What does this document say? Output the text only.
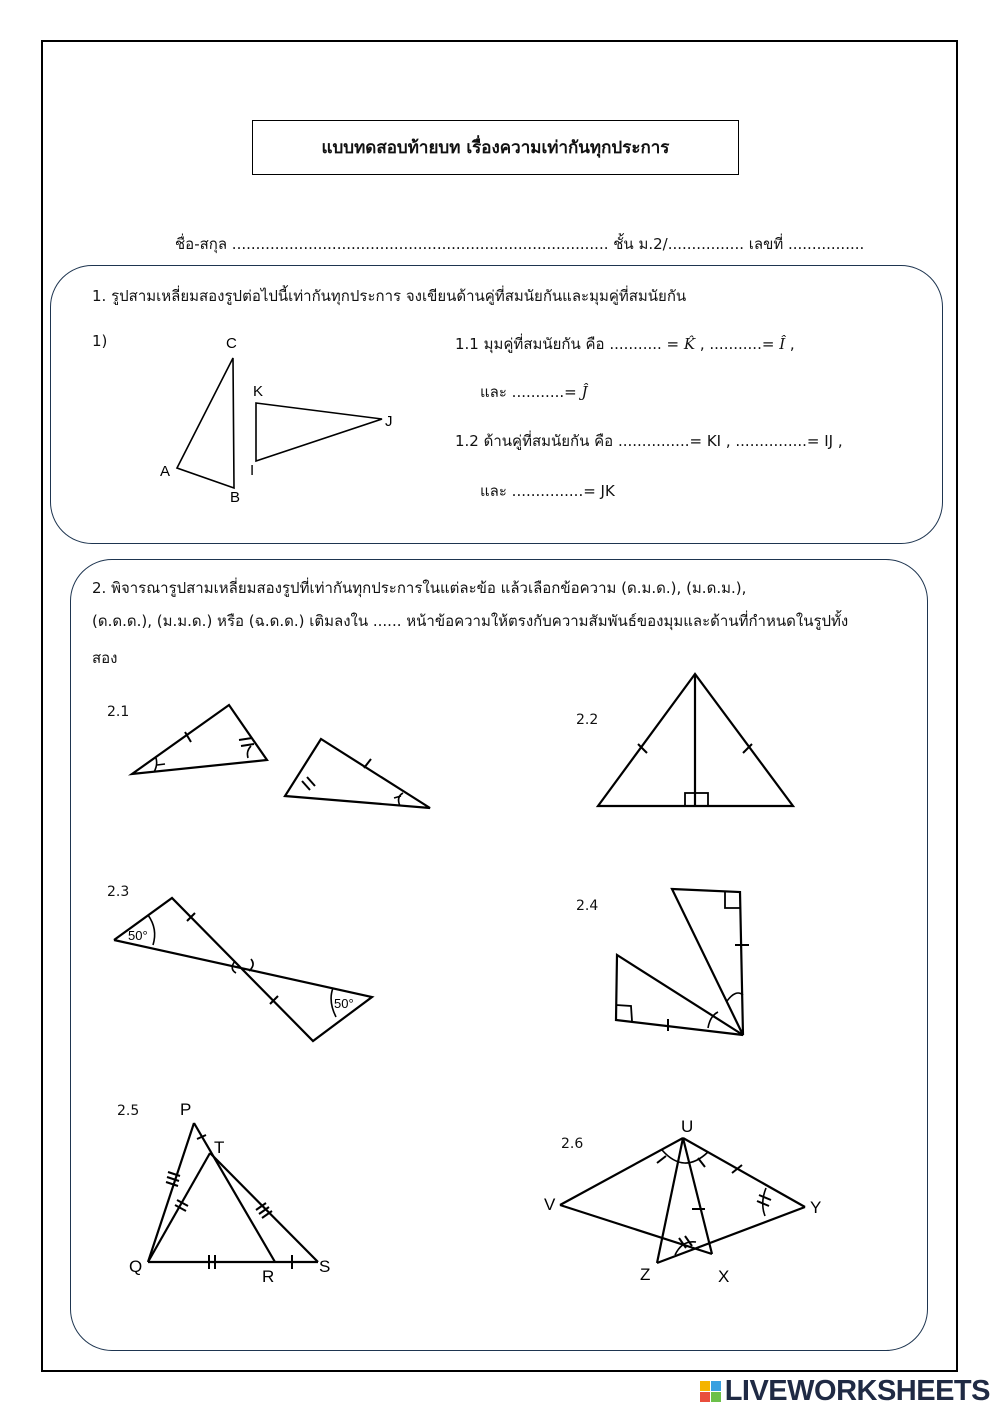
แบบทดสอบท้ายบท เรื่องความเท่ากันทุกประการ
ชื่อ-สกุล ............................................................................... ชั้น ม.2/................ เลขที่ ................
1. รูปสามเหลี่ยมสองรูปต่อไปนี้เท่ากันทุกประการ จงเขียนด้านคู่ที่สมนัยกันและมุมคู่ที่สมนัยกัน
1)	1.1 มุมคู่ที่สมนัยกัน คือ ........... = K̂ , ...........= Î ,
และ ...........= Ĵ
1.2 ด้านคู่ที่สมนัยกัน คือ ...............= KI , ...............= IJ ,
และ ...............= JK
C
A
B
K
I
J
2. พิจารณารูปสามเหลี่ยมสองรูปที่เท่ากันทุกประการในแต่ละข้อ แล้วเลือกข้อความ (ด.ม.ด.), (ม.ด.ม.),
(ด.ด.ด.), (ม.ม.ด.) หรือ (ฉ.ด.ด.) เติมลงใน ...... หน้าข้อความให้ตรงกับความสัมพันธ์ของมุมและด้านที่กำหนดในรูปทั้ง
สอง
2.1	2.2
2.3
2.4
2.5
2.6
50°
50°
P
T
Q
R
S
U
V	Y
Z	X
LIVEWORKSHEETS
